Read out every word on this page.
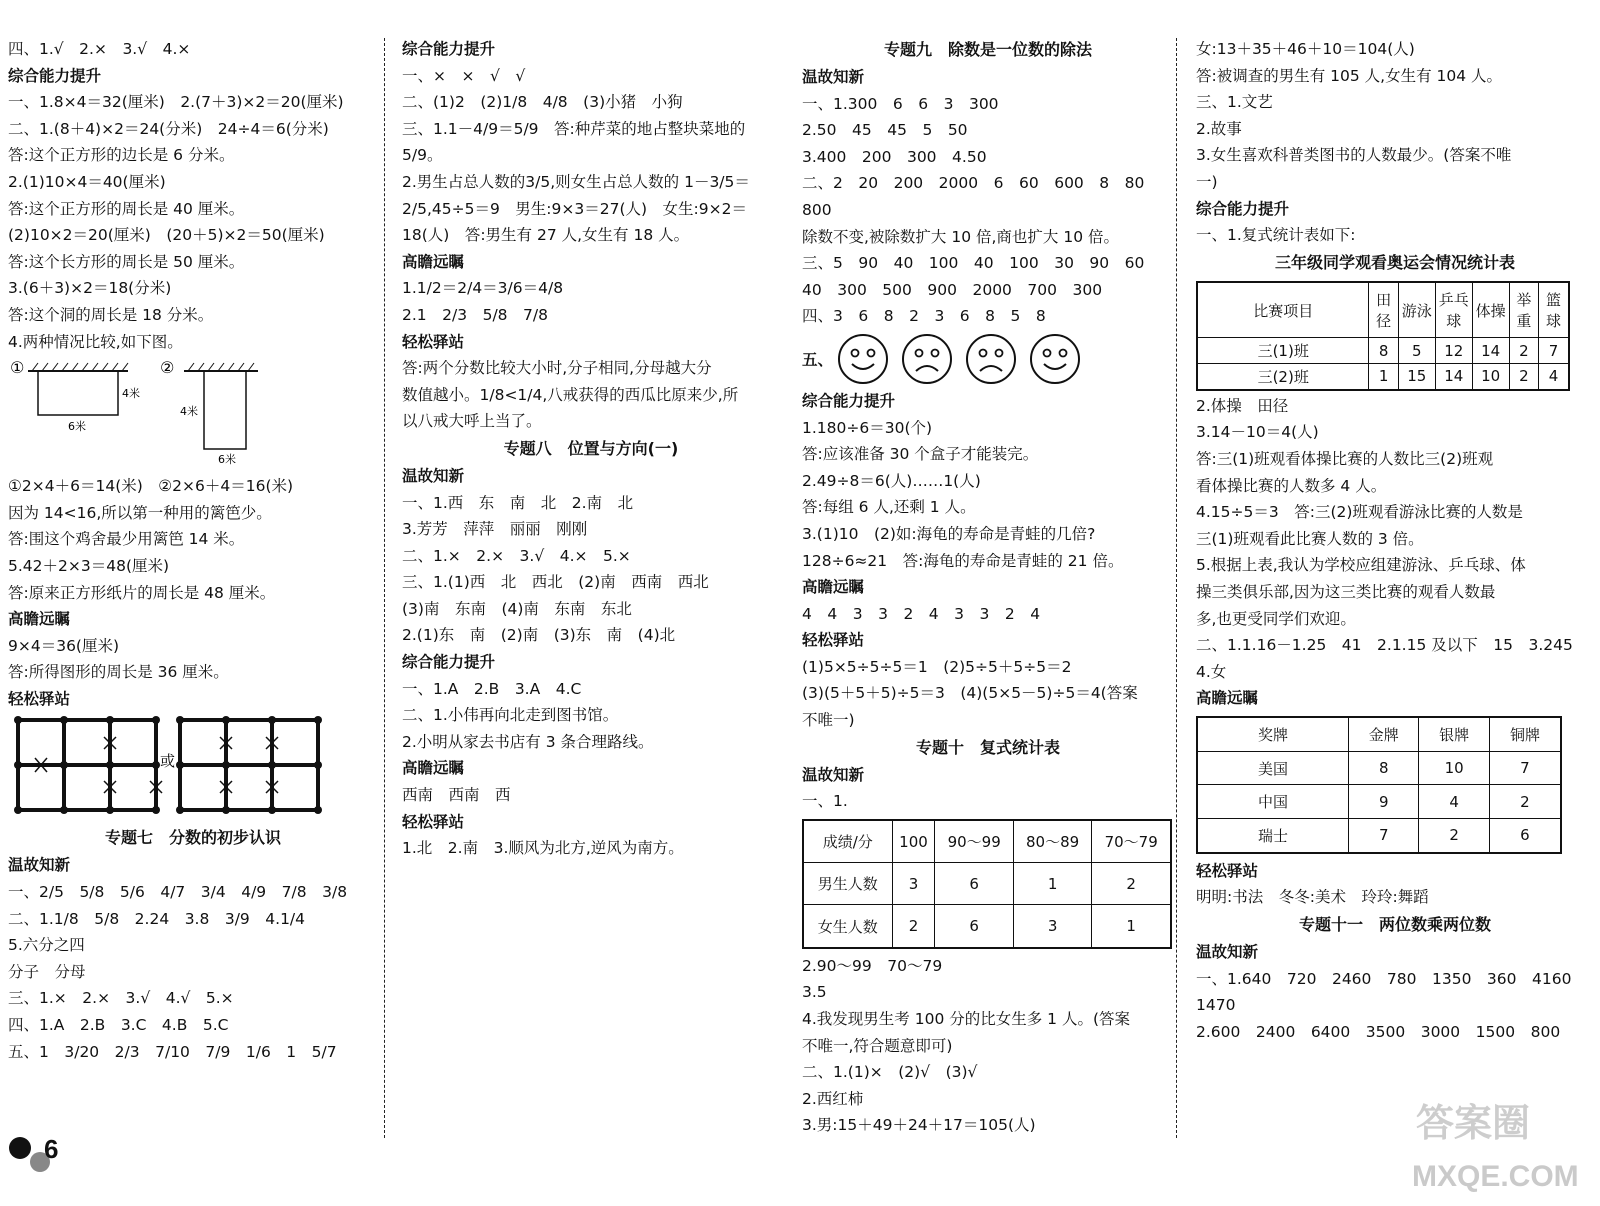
四、1.√　2.×　3.√　4.×
综合能力提升
一、1.8×4＝32(厘米)　2.(7＋3)×2＝20(厘米)
二、1.(8＋4)×2＝24(分米)　24÷4＝6(分米)
答:这个正方形的边长是 6 分米。
2.(1)10×4＝40(厘米)
答:这个正方形的周长是 40 厘米。
(2)10×2＝20(厘米)　(20＋5)×2＝50(厘米)
答:这个长方形的周长是 50 厘米。
3.(6＋3)×2＝18(分米)
答:这个洞的周长是 18 分米。
4.两种情况比较,如下图。
①
4米
6米
②
4米
6米
①2×4＋6＝14(米)　②2×6＋4＝16(米)
因为 14<16,所以第一种用的篱笆少。
答:围这个鸡舍最少用篱笆 14 米。
5.42＋2×3＝48(厘米)
答:原来正方形纸片的周长是 48 厘米。
高瞻远瞩
9×4＝36(厘米)
答:所得图形的周长是 36 厘米。
轻松驿站
或
专题七　分数的初步认识
温故知新
一、2/5　5/8　5/6　4/7　3/4　4/9　7/8　3/8
二、1.1/8　5/8　2.24　3.8　3/9　4.1/4
5.六分之四
分子　分母
三、1.×　2.×　3.√　4.√　5.×
四、1.A　2.B　3.C　4.B　5.C
五、1　3/20　2/3　7/10　7/9　1/6　1　5/7
6
综合能力提升
一、×　×　√　√
二、(1)2　(2)1/8　4/8　(3)小猪　小狗
三、1.1－4/9＝5/9　答:种芹菜的地占整块菜地的
5/9。
2.男生占总人数的3/5,则女生占总人数的 1－3/5＝
2/5,45÷5＝9　男生:9×3＝27(人)　女生:9×2＝
18(人)　答:男生有 27 人,女生有 18 人。
高瞻远瞩
1.1/2＝2/4＝3/6＝4/8
2.1　2/3　5/8　7/8
轻松驿站
答:两个分数比较大小时,分子相同,分母越大分
数值越小。1/8<1/4,八戒获得的西瓜比原来少,所
以八戒大呼上当了。
专题八　位置与方向(一)
温故知新
一、1.西　东　南　北　2.南　北
3.芳芳　萍萍　丽丽　刚刚
二、1.×　2.×　3.√　4.×　5.×
三、1.(1)西　北　西北　(2)南　西南　西北
(3)南　东南　(4)南　东南　东北
2.(1)东　南　(2)南　(3)东　南　(4)北
综合能力提升
一、1.A　2.B　3.A　4.C
二、1.小伟再向北走到图书馆。
2.小明从家去书店有 3 条合理路线。
高瞻远瞩
西南　西南　西
轻松驿站
1.北　2.南　3.顺风为北方,逆风为南方。
专题九　除数是一位数的除法
温故知新
一、1.300　6　6　3　300
2.50　45　45　5　50
3.400　200　300　4.50
二、2　20　200　2000　6　60　600　8　80
800
除数不变,被除数扩大 10 倍,商也扩大 10 倍。
三、5　90　40　100　40　100　30　90　60
40　300　500　900　2000　700　300
四、3　6　8　2　3　6　8　5　8
五、
综合能力提升
1.180÷6＝30(个)
答:应该准备 30 个盒子才能装完。
2.49÷8＝6(人)……1(人)
答:每组 6 人,还剩 1 人。
3.(1)10　(2)如:海龟的寿命是青蛙的几倍?
128÷6≈21　答:海龟的寿命是青蛙的 21 倍。
高瞻远瞩
4　4　3　3　2　4　3　3　2　4
轻松驿站
(1)5×5÷5÷5＝1　(2)5÷5＋5÷5＝2
(3)(5＋5＋5)÷5＝3　(4)(5×5－5)÷5＝4(答案
不唯一)
专题十　复式统计表
温故知新
一、1.
成绩/分	100	90～99	80～89	70～79
男生人数	3	6	1	2
女生人数	2	6	3	1
2.90～99　70～79
3.5
4.我发现男生考 100 分的比女生多 1 人。(答案
不唯一,符合题意即可)
二、1.(1)×　(2)√　(3)√
2.西红柿
3.男:15＋49＋24＋17＝105(人)
女:13＋35＋46＋10＝104(人)
答:被调查的男生有 105 人,女生有 104 人。
三、1.文艺
2.故事
3.女生喜欢科普类图书的人数最少。(答案不唯
一)
综合能力提升
一、1.复式统计表如下:
三年级同学观看奥运会情况统计表
比赛项目	田径	游泳	乒乓球	体操	举重	篮球
三(1)班	8	5	12	14	2	7
三(2)班	1	15	14	10	2	4
2.体操　田径
3.14－10＝4(人)
答:三(1)班观看体操比赛的人数比三(2)班观
看体操比赛的人数多 4 人。
4.15÷5＝3　答:三(2)班观看游泳比赛的人数是
三(1)班观看此比赛人数的 3 倍。
5.根据上表,我认为学校应组建游泳、乒乓球、体
操三类俱乐部,因为这三类比赛的观看人数最
多,也更受同学们欢迎。
二、1.1.16－1.25　41　2.1.15 及以下　15　3.245
4.女
高瞻远瞩
奖牌	金牌	银牌	铜牌
美国	8	10	7
中国	9	4	2
瑞士	7	2	6
轻松驿站
明明:书法　冬冬:美术　玲玲:舞蹈
专题十一　两位数乘两位数
温故知新
一、1.640　720　2460　780　1350　360　4160
1470
2.600　2400　6400　3500　3000　1500　800
答案圈
MXQE.COM
